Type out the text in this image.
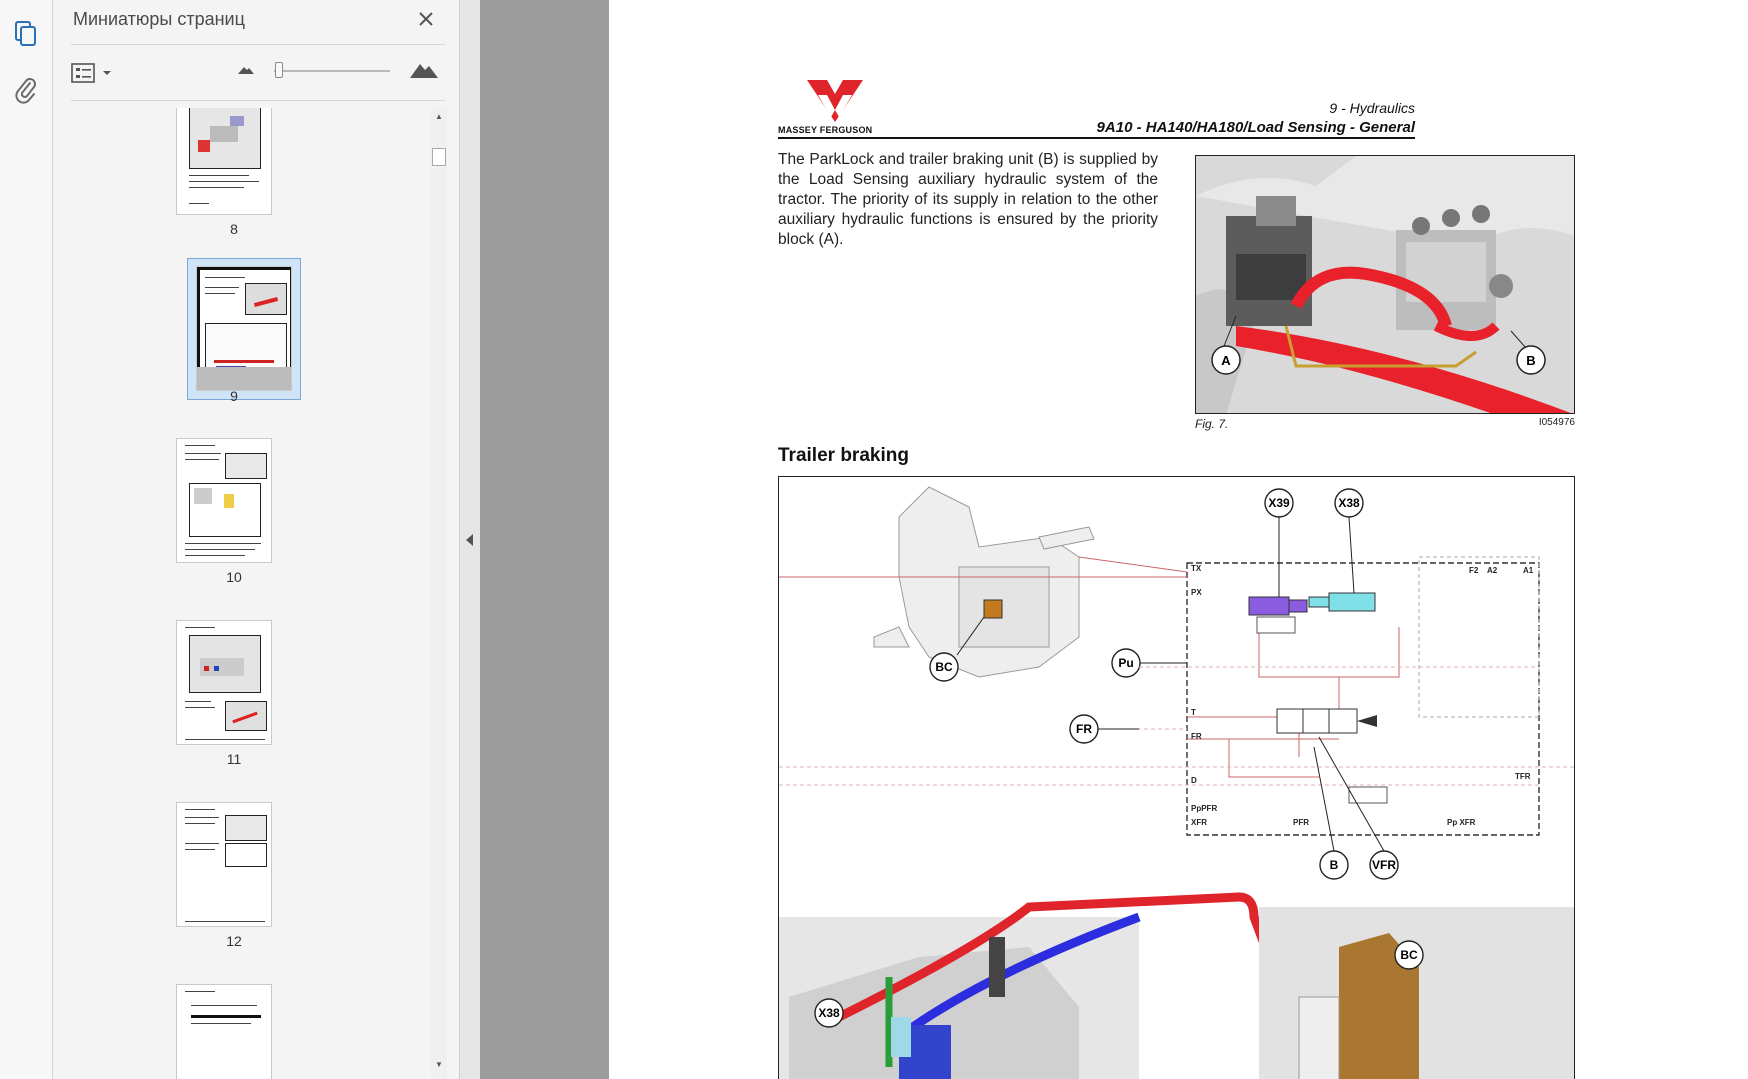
Миниатюры страниц
8
9
10
11
12
▲
▼
MASSEY FERGUSON
9 - Hydraulics
9A10 - HA140/HA180/Load Sensing - General
The ParkLock and trailer braking unit (B) is supplied by the Load Sensing auxiliary hydraulic system of the tractor. The priority of its supply in relation to the other auxiliary hydraulic functions is ensured by the priority block (A).
A	B
Fig. 7.	I054976
Trailer braking
BC
X39	X38
Pu
FR
B	VFR
TX
PX
T
FR
D
PpPFR
XFR	PFR	Pp XFR
TFR
F2 A2	A1
X38
BC
